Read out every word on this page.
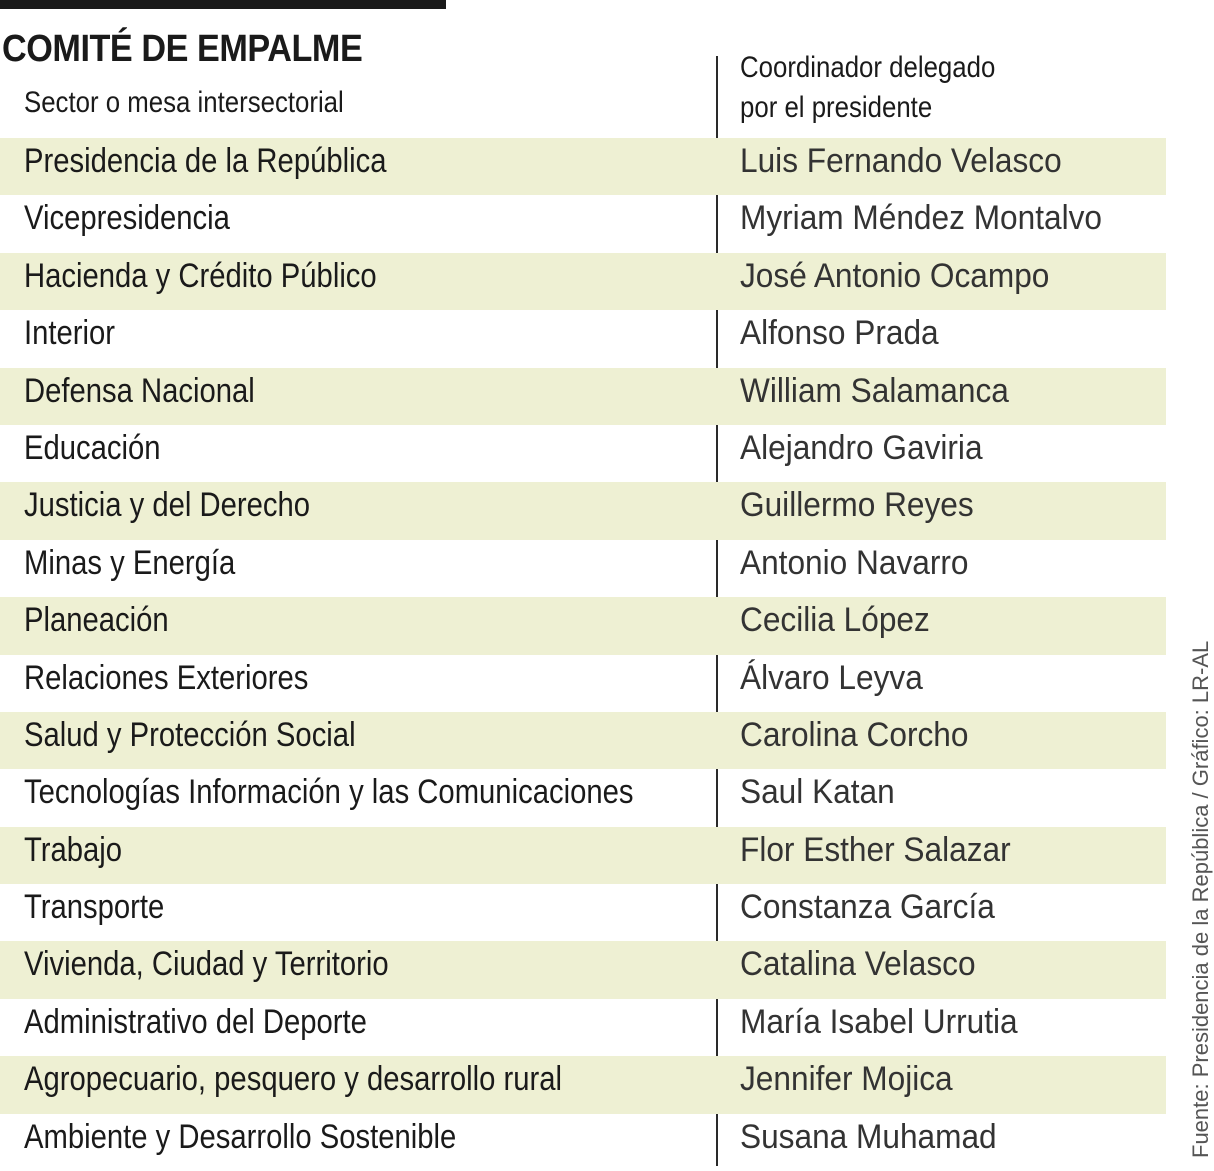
COMITÉ DE EMPALME
Sector o mesa intersectorial
Coordinador delegado
por el presidente
Presidencia de la República	Luis Fernando Velasco
Vicepresidencia	Myriam Méndez Montalvo
Hacienda y Crédito Público	José Antonio Ocampo
Interior	Alfonso Prada
Defensa Nacional	William Salamanca
Educación	Alejandro Gaviria
Justicia y del Derecho	Guillermo Reyes
Minas y Energía	Antonio Navarro
Planeación	Cecilia López
Relaciones Exteriores	Álvaro Leyva
Salud y Protección Social	Carolina Corcho
Tecnologías Información y las Comunicaciones	Saul Katan
Trabajo	Flor Esther Salazar
Transporte	Constanza García
Vivienda, Ciudad y Territorio	Catalina Velasco
Administrativo del Deporte	María Isabel Urrutia
Agropecuario, pesquero y desarrollo rural	Jennifer Mojica
Ambiente y Desarrollo Sostenible	Susana Muhamad	Fuente: Presidencia de la República / Gráfico: LR-AL
